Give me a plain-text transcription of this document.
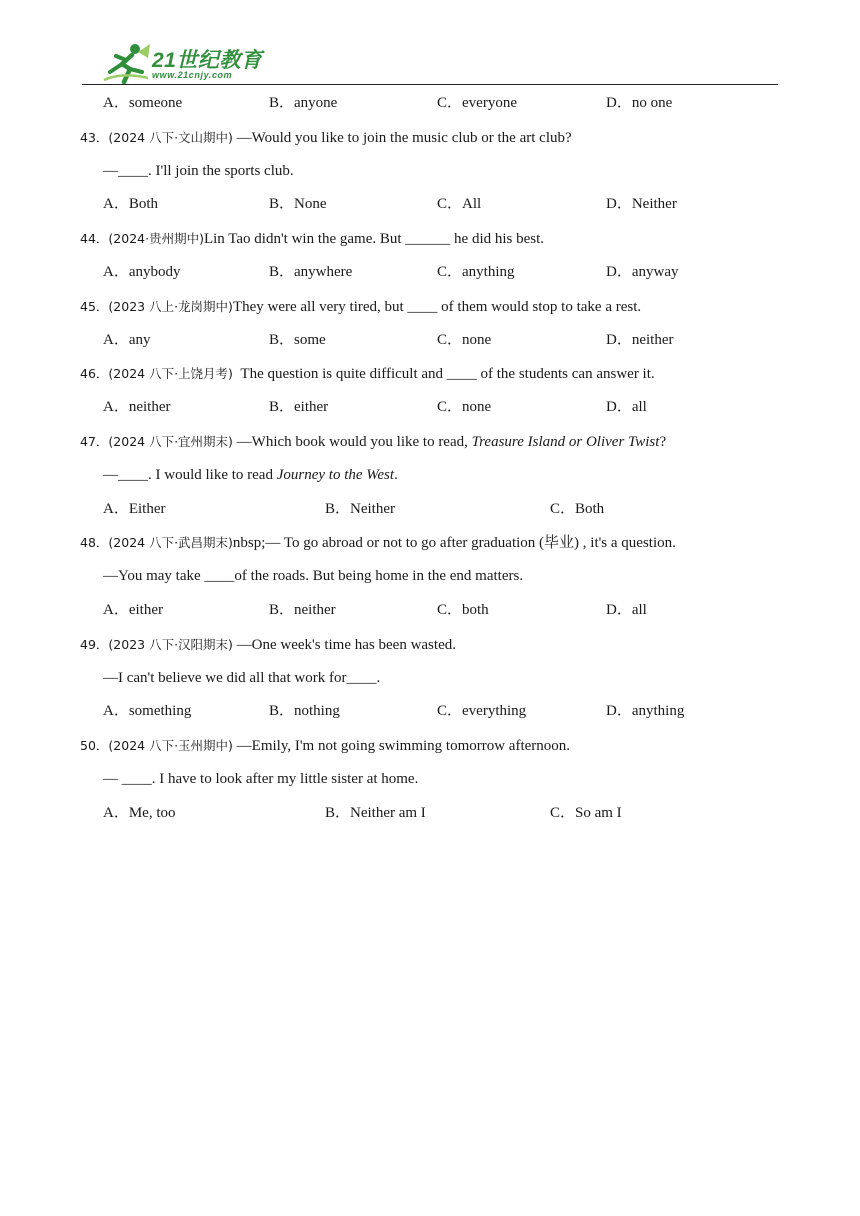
21世纪教育
www.21cnjy.com
A．someone	B．anyone	C．everyone	D．no one
43．(2024 八下·文山期中) —Would you like to join the music club or the art club?
—____. I'll join the sports club.
A．Both	B．None	C．All	D．Neither
44．(2024·贵州期中)Lin Tao didn't win the game. But ______ he did his best.
A．anybody	B．anywhere	C．anything	D．anyway
45．(2023 八上·龙岗期中)They were all very tired, but ____ of them would stop to take a rest.
A．any	B．some	C．none	D．neither
46．(2024 八下·上饶月考)  The question is quite difficult and ____ of the students can answer it.
A．neither	B．either	C．none	D．all
47．(2024 八下·宜州期末) —Which book would you like to read, Treasure Island or Oliver Twist?
—____. I would like to read Journey to the West.
A．Either	B．Neither	C．Both
48．(2024 八下·武昌期末)nbsp;— To go abroad or not to go after graduation (毕业) , it's a question.
—You may take ____of the roads. But being home in the end matters.
A．either	B．neither	C．both	D．all
49．(2023 八下·汉阳期末) —One week's time has been wasted.
—I can't believe we did all that work for____.
A．something	B．nothing	C．everything	D．anything
50．(2024 八下·玉州期中) —Emily, I'm not going swimming tomorrow afternoon.
— ____. I have to look after my little sister at home.
A．Me, too	B．Neither am I	C．So am I
